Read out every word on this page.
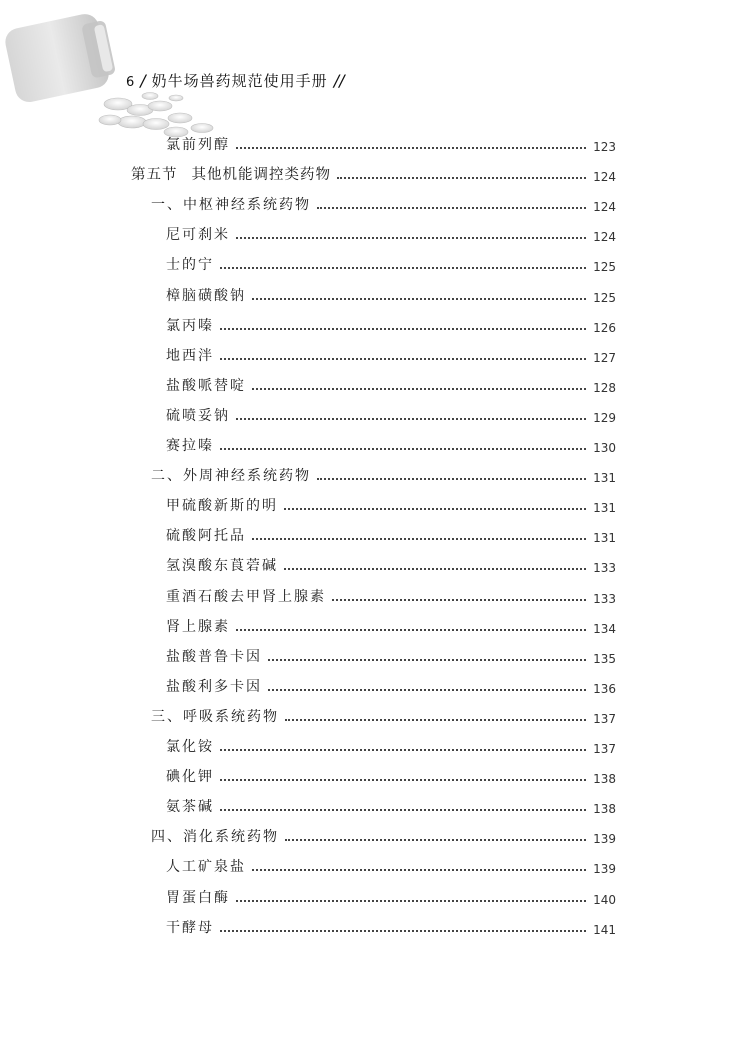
6 / 奶牛场兽药规范使用手册 //
氯前列醇	123
第五节 其他机能调控类药物	124
一、中枢神经系统药物	124
尼可刹米	124
士的宁	125
樟脑磺酸钠	125
氯丙嗪	126
地西泮	127
盐酸哌替啶	128
硫喷妥钠	129
赛拉嗪	130
二、外周神经系统药物	131
甲硫酸新斯的明	131
硫酸阿托品	131
氢溴酸东莨菪碱	133
重酒石酸去甲肾上腺素	133
肾上腺素	134
盐酸普鲁卡因	135
盐酸利多卡因	136
三、呼吸系统药物	137
氯化铵	137
碘化钾	138
氨茶碱	138
四、消化系统药物	139
人工矿泉盐	139
胃蛋白酶	140
干酵母	141
